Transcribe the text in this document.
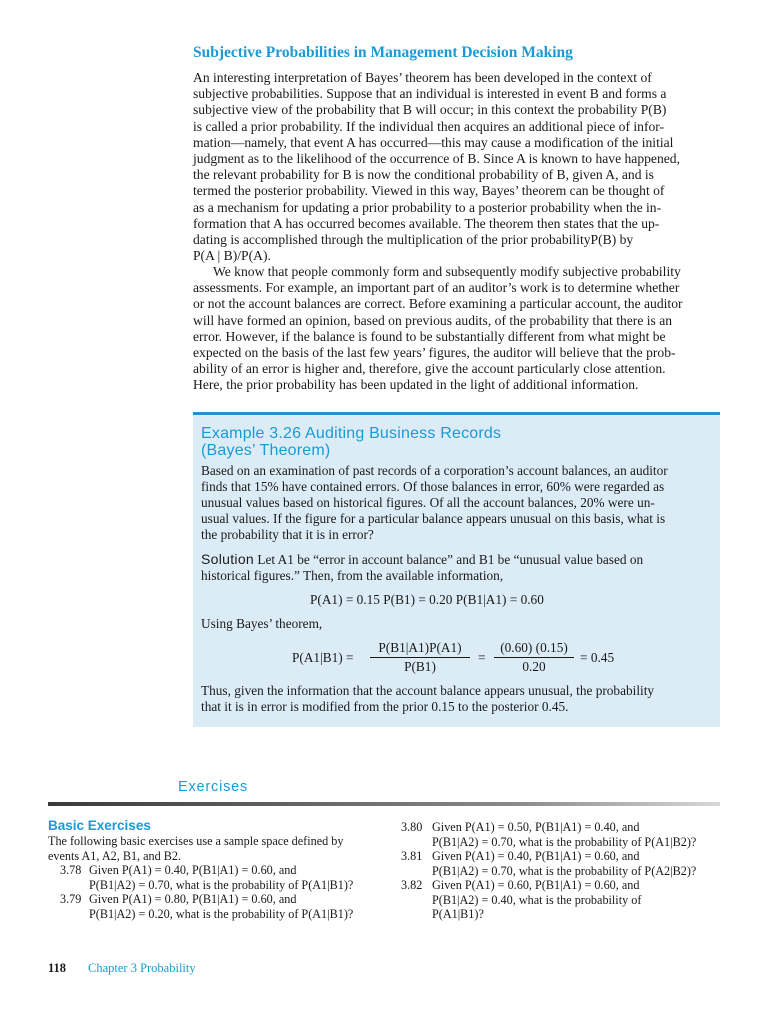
Subjective Probabilities in Management Decision Making
An interesting interpretation of Bayes’ theorem has been developed in the context of
subjective probabilities. Suppose that an individual is interested in event B and forms a
subjective view of the probability that B will occur; in this context the probability P(B)
is called a prior probability. If the individual then acquires an additional piece of infor-
mation—namely, that event A has occurred—this may cause a modification of the initial
judgment as to the likelihood of the occurrence of B. Since A is known to have happened,
the relevant probability for B is now the conditional probability of B, given A, and is
termed the posterior probability. Viewed in this way, Bayes’ theorem can be thought of
as a mechanism for updating a prior probability to a posterior probability when the in-
formation that A has occurred becomes available. The theorem then states that the up-
dating is accomplished through the multiplication of the prior probabilityP(B) by
P(A | B)/P(A).
We know that people commonly form and subsequently modify subjective probability
assessments. For example, an important part of an auditor’s work is to determine whether
or not the account balances are correct. Before examining a particular account, the auditor
will have formed an opinion, based on previous audits, of the probability that there is an
error. However, if the balance is found to be substantially different from what might be
expected on the basis of the last few years’ figures, the auditor will believe that the prob-
ability of an error is higher and, therefore, give the account particularly close attention.
Here, the prior probability has been updated in the light of additional information.
Example 3.26 Auditing Business Records
(Bayes’ Theorem)
Based on an examination of past records of a corporation’s account balances, an auditor
finds that 15% have contained errors. Of those balances in error, 60% were regarded as
unusual values based on historical figures. Of all the account balances, 20% were un-
usual values. If the figure for a particular balance appears unusual on this basis, what is
the probability that it is in error?
Solution Let A1 be “error in account balance” and B1 be “unusual value based on
historical figures.” Then, from the available information,
P(A1) = 0.15 P(B1) = 0.20 P(B1|A1) = 0.60
Using Bayes’ theorem,
P(A1|B1) =
P(B1|A1)P(A1)
P(B1)
=
(0.60) (0.15)
0.20
= 0.45
Thus, given the information that the account balance appears unusual, the probability
that it is in error is modified from the prior 0.15 to the posterior 0.45.
Exercises
Basic Exercises
The following basic exercises use a sample space defined by
events A1, A2, B1, and B2.
3.78 Given P(A1) = 0.40, P(B1|A1) = 0.60, and
P(B1|A2) = 0.70, what is the probability of P(A1|B1)?
3.79 Given P(A1) = 0.80, P(B1|A1) = 0.60, and
P(B1|A2) = 0.20, what is the probability of P(A1|B1)?
3.80 Given P(A1) = 0.50, P(B1|A1) = 0.40, and
P(B1|A2) = 0.70, what is the probability of P(A1|B2)?
3.81 Given P(A1) = 0.40, P(B1|A1) = 0.60, and
P(B1|A2) = 0.70, what is the probability of P(A2|B2)?
3.82 Given P(A1) = 0.60, P(B1|A1) = 0.60, and
P(B1|A2) = 0.40, what is the probability of
P(A1|B1)?
118 Chapter 3 Probability
